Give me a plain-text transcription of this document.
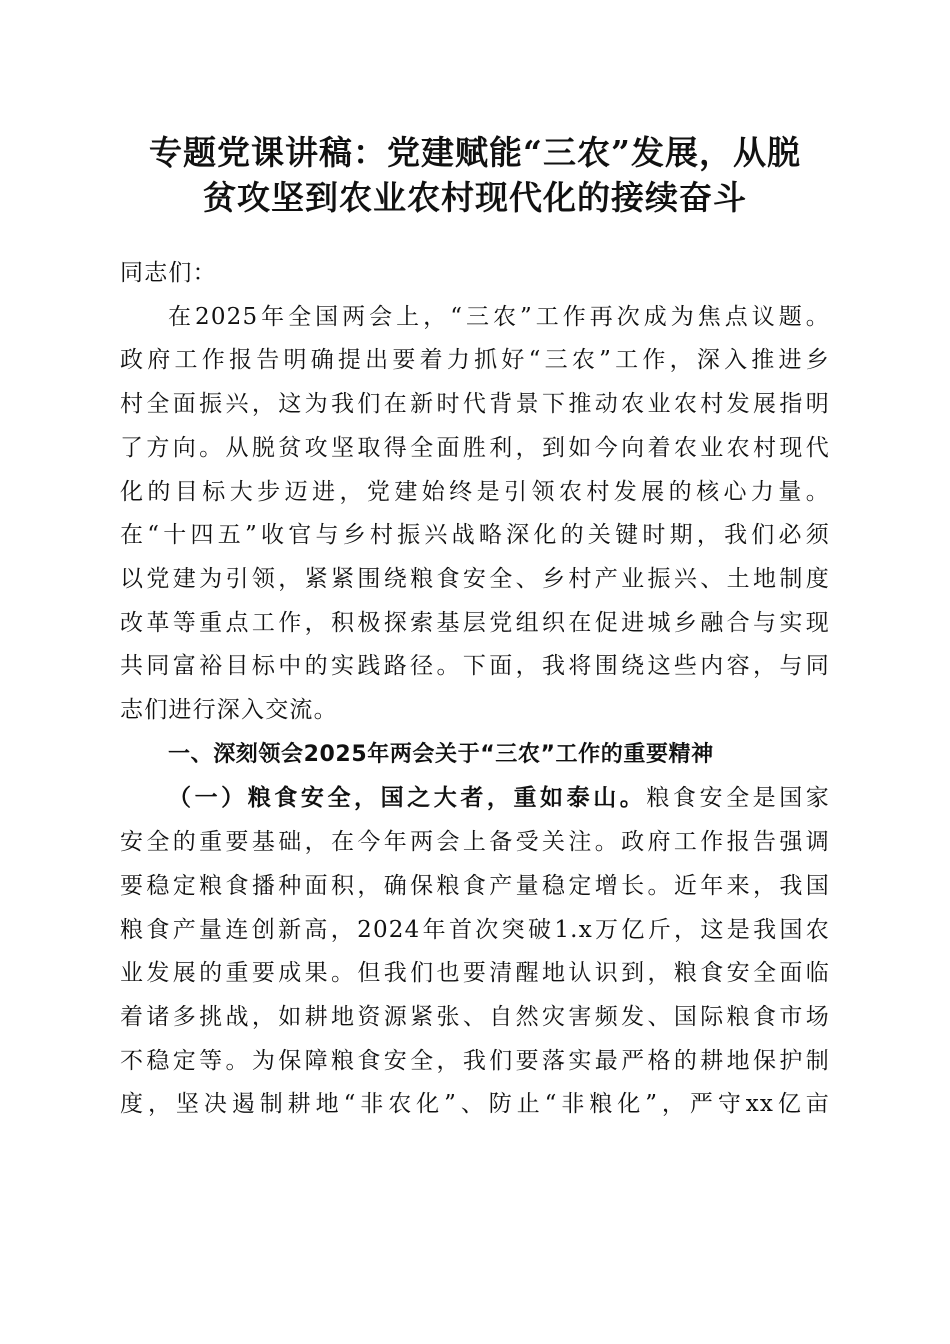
专题党课讲稿：党建赋能“三农”发展，从脱
贫攻坚到农业农村现代化的接续奋斗

同志们：

在2025年全国两会上，“三农”工作再次成为焦点议题。
政府工作报告明确提出要着力抓好“三农”工作，深入推进乡
村全面振兴，这为我们在新时代背景下推动农业农村发展指明
了方向。从脱贫攻坚取得全面胜利，到如今向着农业农村现代
化的目标大步迈进，党建始终是引领农村发展的核心力量。
在“十四五”收官与乡村振兴战略深化的关键时期，我们必须
以党建为引领，紧紧围绕粮食安全、乡村产业振兴、土地制度
改革等重点工作，积极探索基层党组织在促进城乡融合与实现
共同富裕目标中的实践路径。下面，我将围绕这些内容，与同
志们进行深入交流。

一、深刻领会2025年两会关于“三农”工作的重要精神

（一）粮食安全，国之大者，重如泰山。粮食安全是国家
安全的重要基础，在今年两会上备受关注。政府工作报告强调
要稳定粮食播种面积，确保粮食产量稳定增长。近年来，我国
粮食产量连创新高，2024年首次突破1.x万亿斤，这是我国农
业发展的重要成果。但我们也要清醒地认识到，粮食安全面临
着诸多挑战，如耕地资源紧张、自然灾害频发、国际粮食市场
不稳定等。为保障粮食安全，我们要落实最严格的耕地保护制
度，坚决遏制耕地“非农化”、防止“非粮化”，严守xx亿亩
